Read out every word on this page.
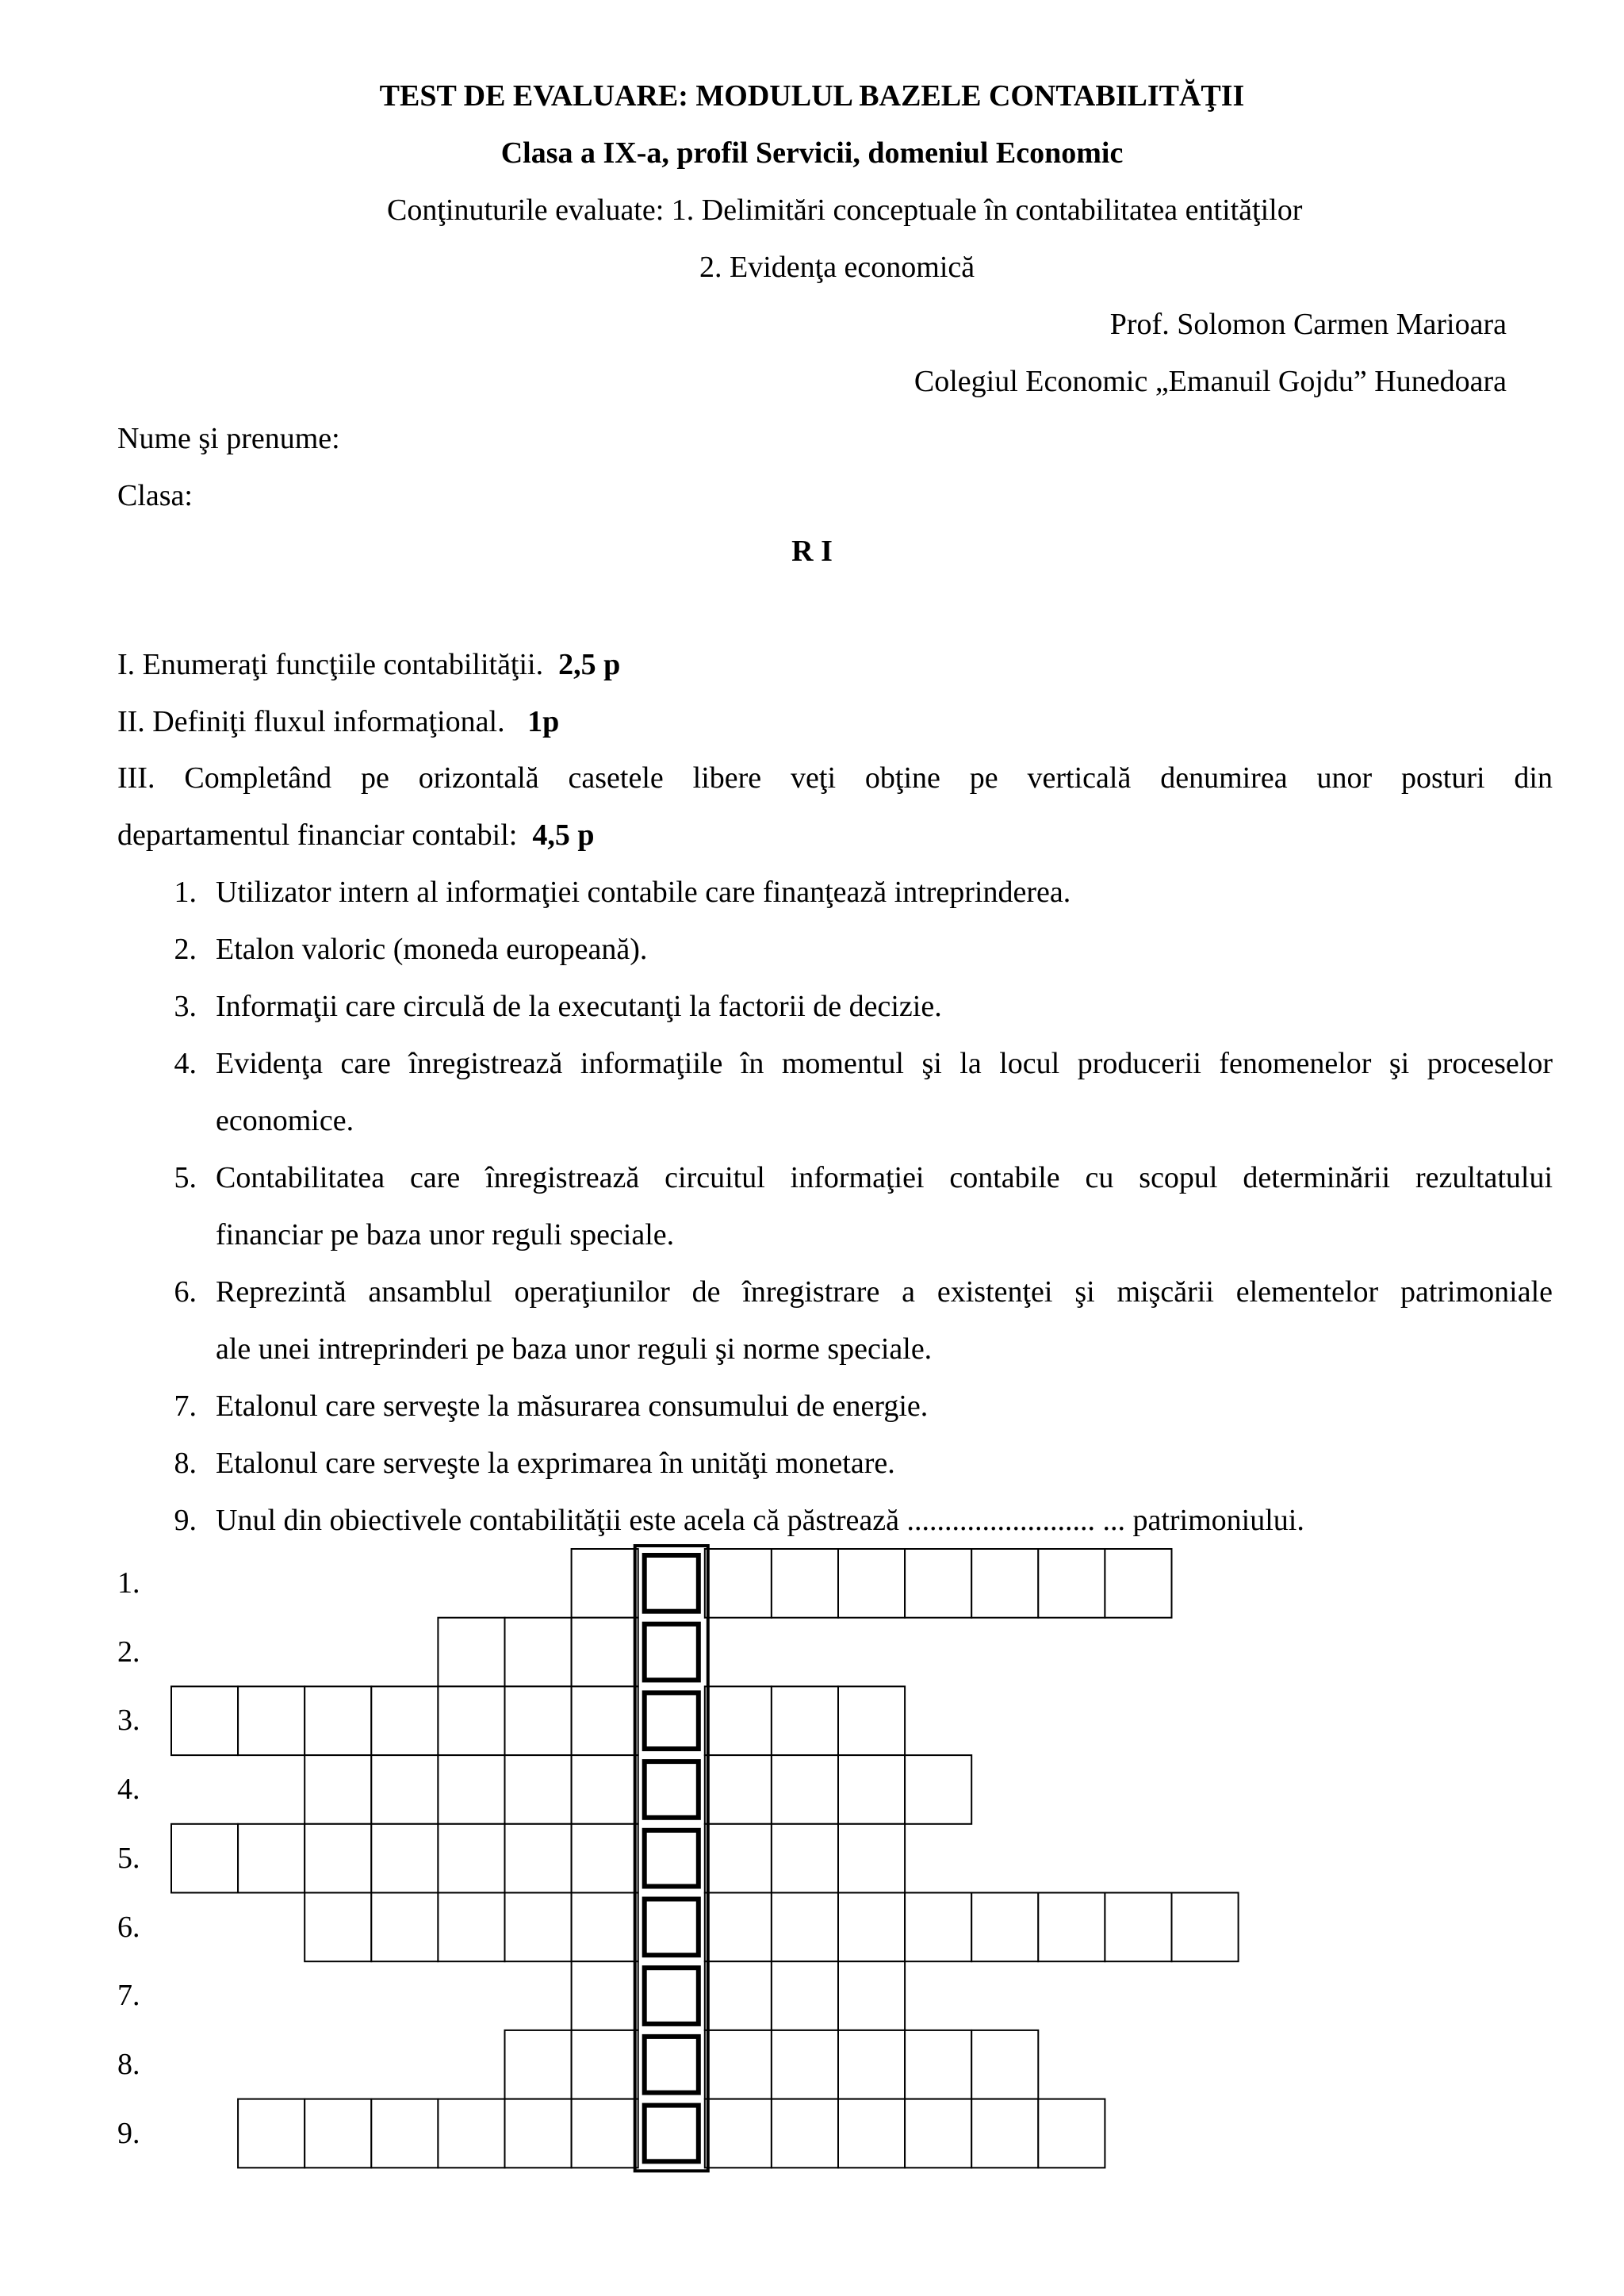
TEST DE EVALUARE: MODULUL BAZELE CONTABILITĂŢII
Clasa a IX-a, profil Servicii, domeniul Economic
Conţinuturile evaluate: 1. Delimitări conceptuale în contabilitatea entităţilor
2. Evidenţa economică
Prof. Solomon Carmen Marioara
Colegiul Economic „Emanuil Gojdu” Hunedoara
Nume şi prenume:
Clasa:
R I
I. Enumeraţi funcţiile contabilităţii. 2,5 p
II. Definiţi fluxul informaţional. 1p
III. Completând pe orizontală casetele libere veţi obţine pe verticală denumirea unor posturi din
departamentul financiar contabil: 4,5 p
1. Utilizator intern al informaţiei contabile care finanţează intreprinderea.
2. Etalon valoric (moneda europeană).
3. Informaţii care circulă de la executanţi la factorii de decizie.
4. Evidenţa care înregistrează informaţiile în momentul şi la locul producerii fenomenelor şi proceselor
economice.
5. Contabilitatea care înregistrează circuitul informaţiei contabile cu scopul determinării rezultatului
financiar pe baza unor reguli speciale.
6. Reprezintă ansamblul operaţiunilor de înregistrare a existenţei şi mişcării elementelor patrimoniale
ale unei intreprinderi pe baza unor reguli şi norme speciale.
7. Etalonul care serveşte la măsurarea consumului de energie.
8. Etalonul care serveşte la exprimarea în unităţi monetare.
9. Unul din obiectivele contabilităţii este acela că păstrează ......................... ... patrimoniului.
1.
2.
3.
4.
5.
6.
7.
8.
9.
